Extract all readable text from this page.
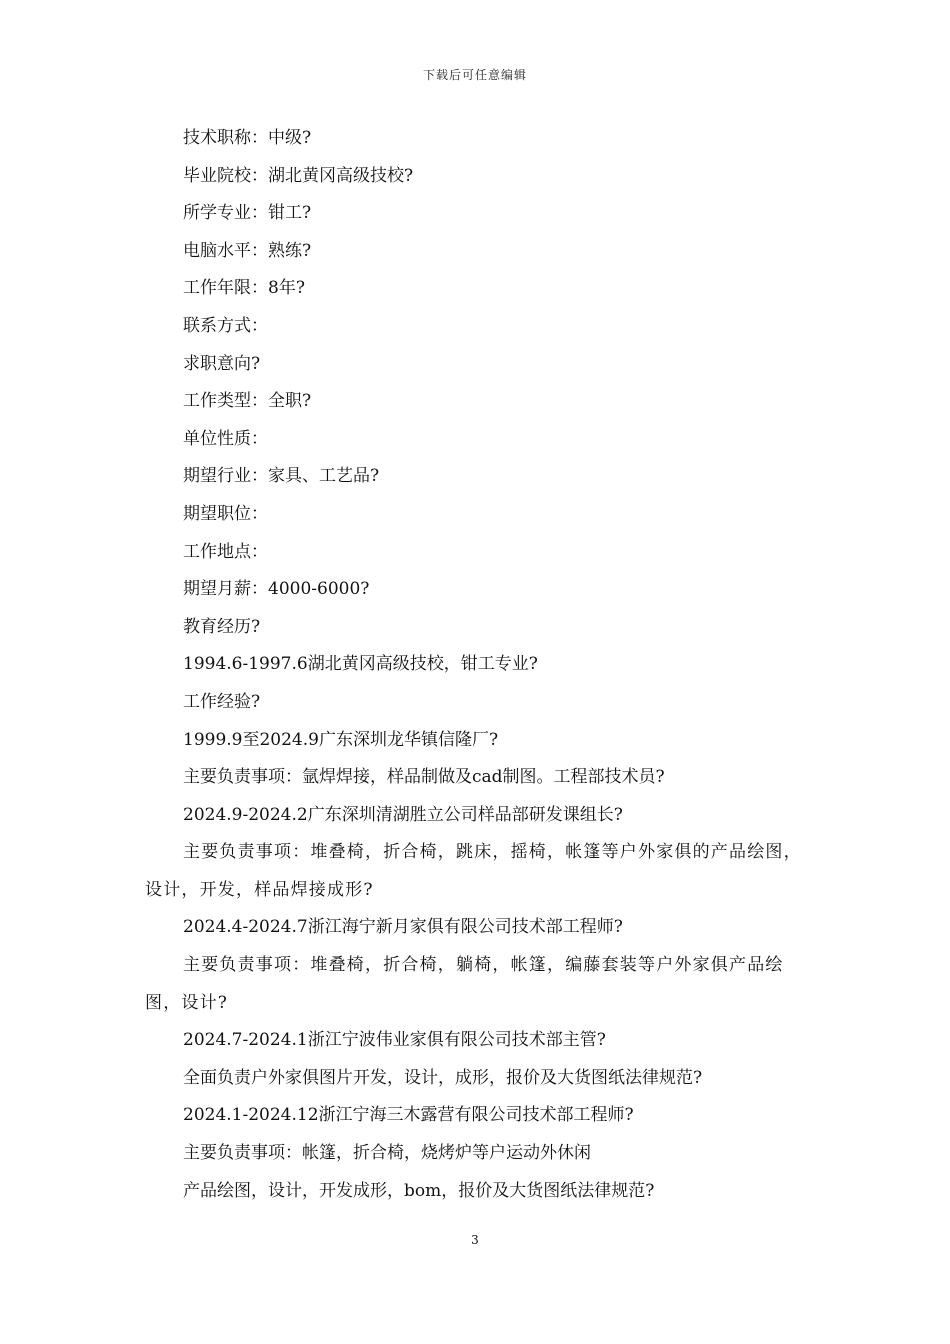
下载后可任意编辑
技术职称：中级?
毕业院校：湖北黄冈高级技校?
所学专业：钳工?
电脑水平：熟练?
工作年限：8年?
联系方式：
求职意向?
工作类型：全职?
单位性质：
期望行业：家具、工艺品?
期望职位：
工作地点：
期望月薪：4000-6000?
教育经历?
1994.6-1997.6湖北黄冈高级技校，钳工专业?
工作经验?
1999.9至2024.9广东深圳龙华镇信隆厂?
主要负责事项：氩焊焊接，样品制做及cad制图。工程部技术员?
2024.9-2024.2广东深圳清湖胜立公司样品部研发课组长?
主要负责事项：堆叠椅，折合椅，跳床，摇椅，帐篷等户外家俱的产品绘图，设计，开发，样品焊接成形?
2024.4-2024.7浙江海宁新月家俱有限公司技术部工程师?
主要负责事项：堆叠椅，折合椅，躺椅，帐篷，编藤套装等户外家俱产品绘图，设计?
2024.7-2024.1浙江宁波伟业家俱有限公司技术部主管?
全面负责户外家俱图片开发，设计，成形，报价及大货图纸法律规范?
2024.1-2024.12浙江宁海三木露营有限公司技术部工程师?
主要负责事项：帐篷，折合椅，烧烤炉等户运动外休闲
产品绘图，设计，开发成形，bom，报价及大货图纸法律规范?
3
